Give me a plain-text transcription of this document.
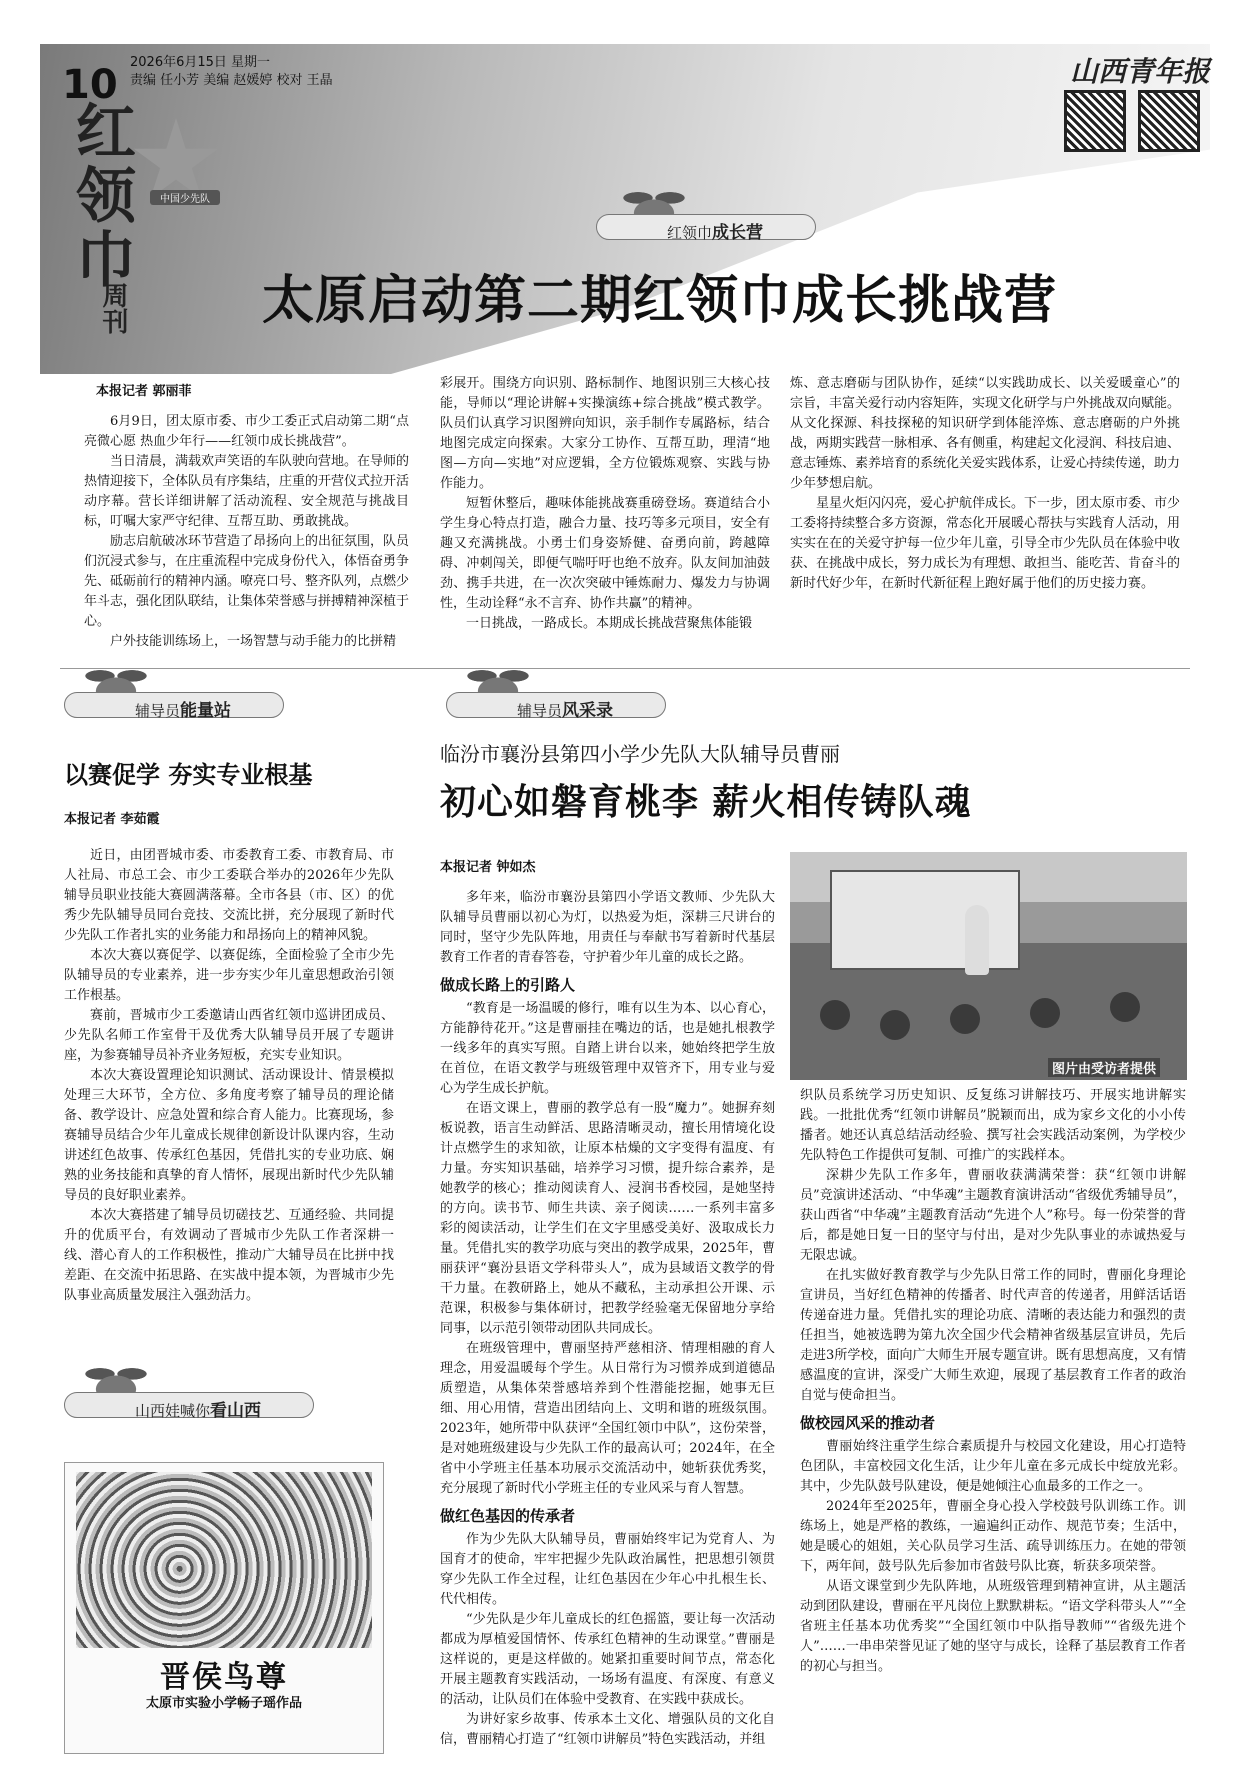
10 2026年6月15日 星期一
责编 任小芳 美编 赵媛婷 校对 王晶
红领巾
周刊
中国少先队
山西青年报
红领巾成长营
太原启动第二期红领巾成长挑战营
本报记者 郭丽菲

6月9日，团太原市委、市少工委正式启动第二期“点亮微心愿 热血少年行——红领巾成长挑战营”。

当日清晨，满载欢声笑语的车队驶向营地。在导师的热情迎接下，全体队员有序集结，庄重的开营仪式拉开活动序幕。营长详细讲解了活动流程、安全规范与挑战目标，叮嘱大家严守纪律、互帮互助、勇敢挑战。

励志启航破冰环节营造了昂扬向上的出征氛围，队员们沉浸式参与，在庄重流程中完成身份代入，体悟奋勇争先、砥砺前行的精神内涵。嘹亮口号、整齐队列，点燃少年斗志，强化团队联结，让集体荣誉感与拼搏精神深植于心。

户外技能训练场上，一场智慧与动手能力的比拼精

彩展开。围绕方向识别、路标制作、地图识别三大核心技能，导师以“理论讲解+实操演练+综合挑战”模式教学。队员们认真学习识图辨向知识，亲手制作专属路标，结合地图完成定向探索。大家分工协作、互帮互助，理清“地图—方向—实地”对应逻辑，全方位锻炼观察、实践与协作能力。

短暂休整后，趣味体能挑战赛重磅登场。赛道结合小学生身心特点打造，融合力量、技巧等多元项目，安全有趣又充满挑战。小勇士们身姿矫健、奋勇向前，跨越障碍、冲刺闯关，即便气喘吁吁也绝不放弃。队友间加油鼓劲、携手共进，在一次次突破中锤炼耐力、爆发力与协调性，生动诠释“永不言弃、协作共赢”的精神。

一日挑战，一路成长。本期成长挑战营聚焦体能锻

炼、意志磨砺与团队协作，延续“以实践助成长、以关爱暖童心”的宗旨，丰富关爱行动内容矩阵，实现文化研学与户外挑战双向赋能。从文化探源、科技探秘的知识研学到体能淬炼、意志磨砺的户外挑战，两期实践营一脉相承、各有侧重，构建起文化浸润、科技启迪、意志锤炼、素养培育的系统化关爱实践体系，让爱心持续传递，助力少年梦想启航。

星星火炬闪闪亮，爱心护航伴成长。下一步，团太原市委、市少工委将持续整合多方资源，常态化开展暖心帮扶与实践育人活动，用实实在在的关爱守护每一位少年儿童，引导全市少先队员在体验中收获、在挑战中成长，努力成长为有理想、敢担当、能吃苦、肯奋斗的新时代好少年，在新时代新征程上跑好属于他们的历史接力赛。

辅导员能量站
以赛促学 夯实专业根基
本报记者 李茹霞

近日，由团晋城市委、市委教育工委、市教育局、市人社局、市总工会、市少工委联合举办的2026年少先队辅导员职业技能大赛圆满落幕。全市各县（市、区）的优秀少先队辅导员同台竞技、交流比拼，充分展现了新时代少先队工作者扎实的业务能力和昂扬向上的精神风貌。

本次大赛以赛促学、以赛促练，全面检验了全市少先队辅导员的专业素养，进一步夯实少年儿童思想政治引领工作根基。

赛前，晋城市少工委邀请山西省红领巾巡讲团成员、少先队名师工作室骨干及优秀大队辅导员开展了专题讲座，为参赛辅导员补齐业务短板，充实专业知识。

本次大赛设置理论知识测试、活动课设计、情景模拟处理三大环节，全方位、多角度考察了辅导员的理论储备、教学设计、应急处置和综合育人能力。比赛现场，参赛辅导员结合少年儿童成长规律创新设计队课内容，生动讲述红色故事、传承红色基因，凭借扎实的专业功底、娴熟的业务技能和真挚的育人情怀，展现出新时代少先队辅导员的良好职业素养。

本次大赛搭建了辅导员切磋技艺、互通经验、共同提升的优质平台，有效调动了晋城市少先队工作者深耕一线、潜心育人的工作积极性，推动广大辅导员在比拼中找差距、在交流中拓思路、在实战中提本领，为晋城市少先队事业高质量发展注入强劲活力。

山西娃喊你看山西
晋侯鸟尊
太原市实验小学畅子瑶作品
辅导员风采录
临汾市襄汾县第四小学少先队大队辅导员曹丽
初心如磐育桃李 薪火相传铸队魂
本报记者 钟如杰
图片由受访者提供

多年来，临汾市襄汾县第四小学语文教师、少先队大队辅导员曹丽以初心为灯，以热爱为炬，深耕三尺讲台的同时，坚守少先队阵地，用责任与奉献书写着新时代基层教育工作者的青春答卷，守护着少年儿童的成长之路。

做成长路上的引路人

“教育是一场温暖的修行，唯有以生为本、以心育心，方能静待花开。”这是曹丽挂在嘴边的话，也是她扎根教学一线多年的真实写照。自踏上讲台以来，她始终把学生放在首位，在语文教学与班级管理中双管齐下，用专业与爱心为学生成长护航。

在语文课上，曹丽的教学总有一股“魔力”。她摒弃刻板说教，语言生动鲜活、思路清晰灵动，擅长用情境化设计点燃学生的求知欲，让原本枯燥的文字变得有温度、有力量。夯实知识基础，培养学习习惯，提升综合素养，是她教学的核心；推动阅读育人、浸润书香校园，是她坚持的方向。读书节、师生共读、亲子阅读……一系列丰富多彩的阅读活动，让学生们在文字里感受美好、汲取成长力量。凭借扎实的教学功底与突出的教学成果，2025年，曹丽获评“襄汾县语文学科带头人”，成为县域语文教学的骨干力量。在教研路上，她从不藏私，主动承担公开课、示范课，积极参与集体研讨，把教学经验毫无保留地分享给同事，以示范引领带动团队共同成长。

在班级管理中，曹丽坚持严慈相济、情理相融的育人理念，用爱温暖每个学生。从日常行为习惯养成到道德品质塑造，从集体荣誉感培养到个性潜能挖掘，她事无巨细、用心用情，营造出团结向上、文明和谐的班级氛围。2023年，她所带中队获评“全国红领巾中队”，这份荣誉，是对她班级建设与少先队工作的最高认可；2024年，在全省中小学班主任基本功展示交流活动中，她斩获优秀奖，充分展现了新时代小学班主任的专业风采与育人智慧。

做红色基因的传承者

作为少先队大队辅导员，曹丽始终牢记为党育人、为国育才的使命，牢牢把握少先队政治属性，把思想引领贯穿少先队工作全过程，让红色基因在少年心中扎根生长、代代相传。

“少先队是少年儿童成长的红色摇篮，要让每一次活动都成为厚植爱国情怀、传承红色精神的生动课堂。”曹丽是这样说的，更是这样做的。她紧扣重要时间节点，常态化开展主题教育实践活动，一场场有温度、有深度、有意义的活动，让队员们在体验中受教育、在实践中获成长。

为讲好家乡故事、传承本土文化、增强队员的文化自信，曹丽精心打造了“红领巾讲解员”特色实践活动，并组

织队员系统学习历史知识、反复练习讲解技巧、开展实地讲解实践。一批批优秀“红领巾讲解员”脱颖而出，成为家乡文化的小小传播者。她还认真总结活动经验、撰写社会实践活动案例，为学校少先队特色工作提供可复制、可推广的实践样本。

深耕少先队工作多年，曹丽收获满满荣誉：获“红领巾讲解员”竞演讲述活动、“中华魂”主题教育演讲活动“省级优秀辅导员”，获山西省“中华魂”主题教育活动“先进个人”称号。每一份荣誉的背后，都是她日复一日的坚守与付出，是对少先队事业的赤诚热爱与无限忠诚。

在扎实做好教育教学与少先队日常工作的同时，曹丽化身理论宣讲员，当好红色精神的传播者、时代声音的传递者，用鲜活话语传递奋进力量。凭借扎实的理论功底、清晰的表达能力和强烈的责任担当，她被选聘为第九次全国少代会精神省级基层宣讲员，先后走进3所学校，面向广大师生开展专题宣讲。既有思想高度，又有情感温度的宣讲，深受广大师生欢迎，展现了基层教育工作者的政治自觉与使命担当。

做校园风采的推动者

曹丽始终注重学生综合素质提升与校园文化建设，用心打造特色团队，丰富校园文化生活，让少年儿童在多元成长中绽放光彩。其中，少先队鼓号队建设，便是她倾注心血最多的工作之一。

2024年至2025年，曹丽全身心投入学校鼓号队训练工作。训练场上，她是严格的教练，一遍遍纠正动作、规范节奏；生活中，她是暖心的姐姐，关心队员学习生活、疏导训练压力。在她的带领下，两年间，鼓号队先后参加市省鼓号队比赛，斩获多项荣誉。

从语文课堂到少先队阵地，从班级管理到精神宣讲，从主题活动到团队建设，曹丽在平凡岗位上默默耕耘。“语文学科带头人”“全省班主任基本功优秀奖”“全国红领巾中队指导教师”“省级先进个人”……一串串荣誉见证了她的坚守与成长，诠释了基层教育工作者的初心与担当。
